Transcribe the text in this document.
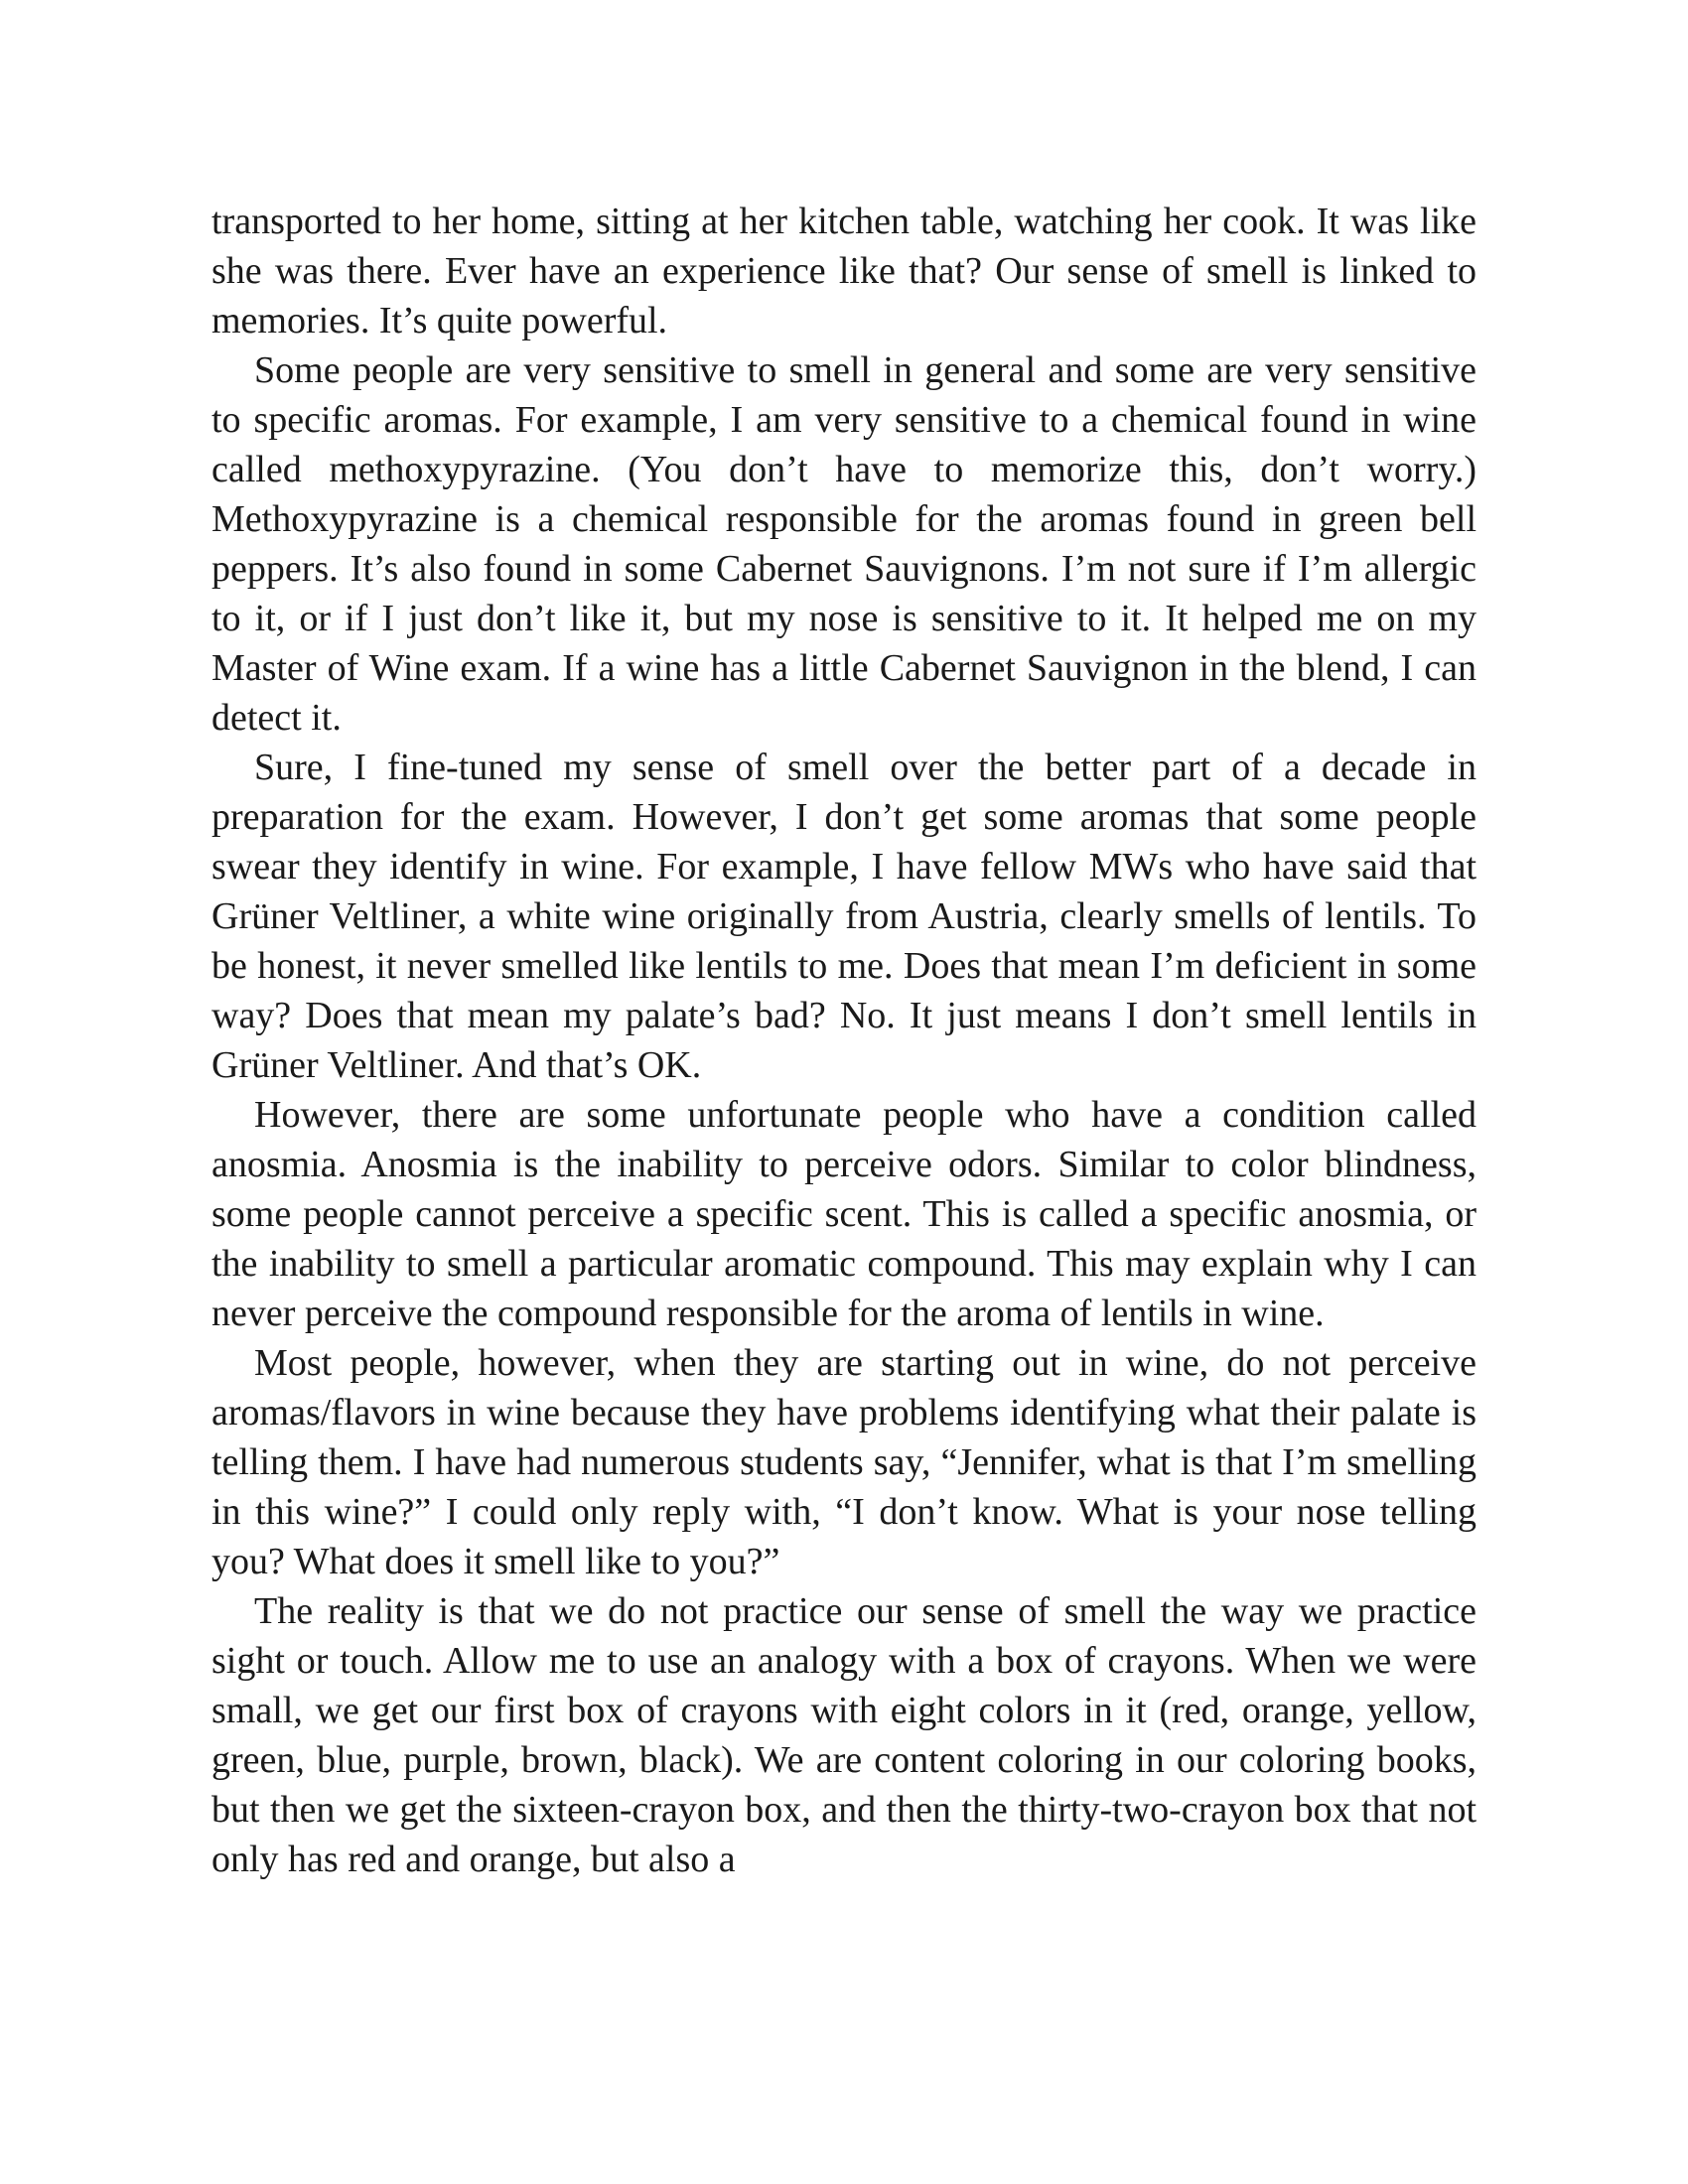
transported to her home, sitting at her kitchen table, watching her cook. It was like she was there. Ever have an experience like that? Our sense of smell is linked to memories. It’s quite powerful.

Some people are very sensitive to smell in general and some are very sensitive to specific aromas. For example, I am very sensitive to a chemical found in wine called methoxypyrazine. (You don’t have to memorize this, don’t worry.) Methoxypyrazine is a chemical responsible for the aromas found in green bell peppers. It’s also found in some Cabernet Sauvignons. I’m not sure if I’m allergic to it, or if I just don’t like it, but my nose is sensitive to it. It helped me on my Master of Wine exam. If a wine has a little Cabernet Sauvignon in the blend, I can detect it.

Sure, I fine-tuned my sense of smell over the better part of a decade in preparation for the exam. However, I don’t get some aromas that some people swear they identify in wine. For example, I have fellow MWs who have said that Grüner Veltliner, a white wine originally from Austria, clearly smells of lentils. To be honest, it never smelled like lentils to me. Does that mean I’m deficient in some way? Does that mean my palate’s bad? No. It just means I don’t smell lentils in Grüner Veltliner. And that’s OK.

However, there are some unfortunate people who have a condition called anosmia. Anosmia is the inability to perceive odors. Similar to color blindness, some people cannot perceive a specific scent. This is called a specific anosmia, or the inability to smell a particular aromatic compound. This may explain why I can never perceive the compound responsible for the aroma of lentils in wine.

Most people, however, when they are starting out in wine, do not perceive aromas/flavors in wine because they have problems identifying what their palate is telling them. I have had numerous students say, “Jennifer, what is that I’m smelling in this wine?” I could only reply with, “I don’t know. What is your nose telling you? What does it smell like to you?”

The reality is that we do not practice our sense of smell the way we practice sight or touch. Allow me to use an analogy with a box of crayons. When we were small, we get our first box of crayons with eight colors in it (red, orange, yellow, green, blue, purple, brown, black). We are content coloring in our coloring books, but then we get the sixteen-crayon box, and then the thirty-two-crayon box that not only has red and orange, but also a
